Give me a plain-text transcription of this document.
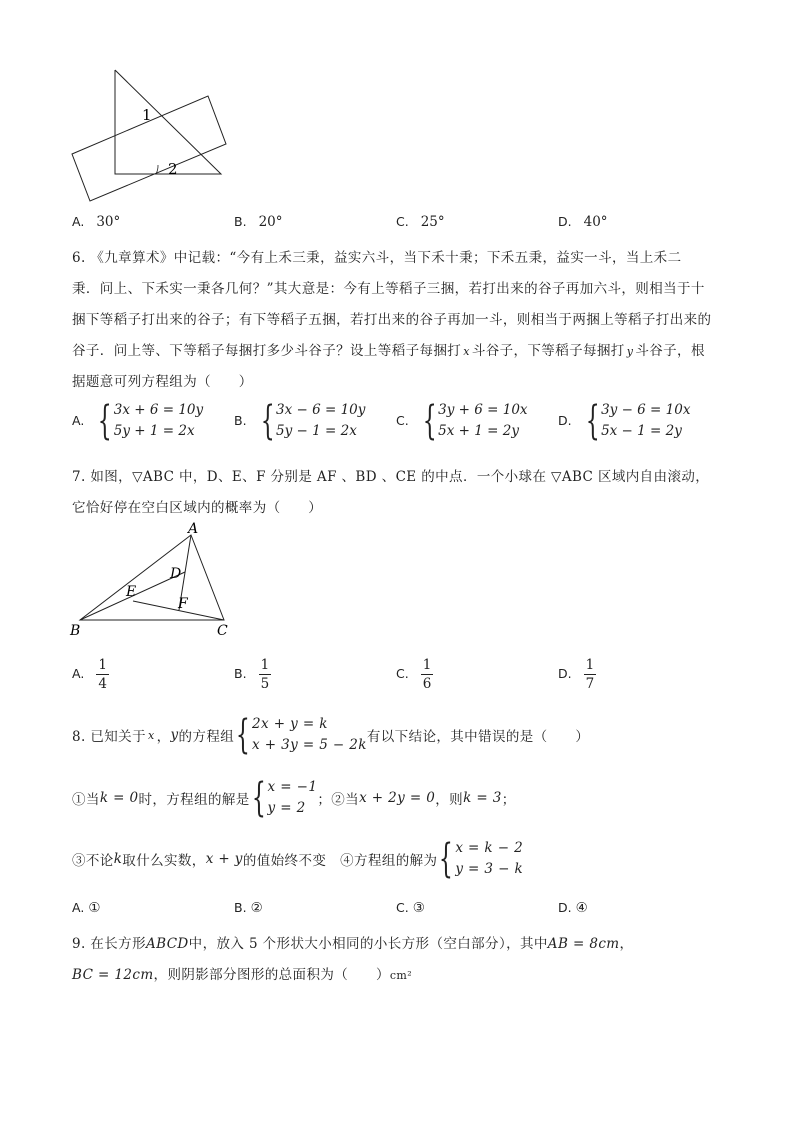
1
2
A. 30°	B. 20°	C. 25°	D. 40°
6. 《九章算术》中记载：“今有上禾三秉，益实六斗，当下禾十秉；下禾五秉，益实一斗，当上禾二
秉．问上、下禾实一秉各几何？”其大意是：今有上等稻子三捆，若打出来的谷子再加六斗，则相当于十
捆下等稻子打出来的谷子；有下等稻子五捆，若打出来的谷子再加一斗，则相当于两捆上等稻子打出来的
谷子．问上等、下等稻子每捆打多少斗谷子？设上等稻子每捆打 x 斗谷子，下等稻子每捆打 y 斗谷子，根
据题意可列方程组为（　　）
A. { 3x + 6 = 10y
5y + 1 = 2x
B. { 3x − 6 = 10y
5y − 1 = 2x
C. { 3y + 6 = 10x
5x + 1 = 2y
D. { 3y − 6 = 10x
5x − 1 = 2y
7. 如图，▽ABC 中，D、E、F 分别是 AF 、BD 、CE 的中点．一个小球在 ▽ABC 区域内自由滚动，
它恰好停在空白区域内的概率为（　　）
A
B	C
D
E
F
A. $\frac{1}{4}$	B. $\frac{1}{5}$	C. $\frac{1}{6}$	D. $\frac{1}{7}$
8. 已知关于 x ， y 的方程组 { 2x + y = k
x + 3y = 5 − 2k 有以下结论，其中错误的是（　　）
①当 k = 0 时，方程组的解是 { x = −1
y = 2 ；②当 x + 2y = 0 ，则 k = 3 ；
③不论 k 取什么实数， x + y 的值始终不变　④方程组的解为 { x = k − 2
y = 3 − k
A. ①	B. ②	C. ③	D. ④
9. 在长方形ABCD中，放入 5 个形状大小相同的小长方形（空白部分），其中AB = 8cm，
BC = 12cm，则阴影部分图形的总面积为（　　）cm²
